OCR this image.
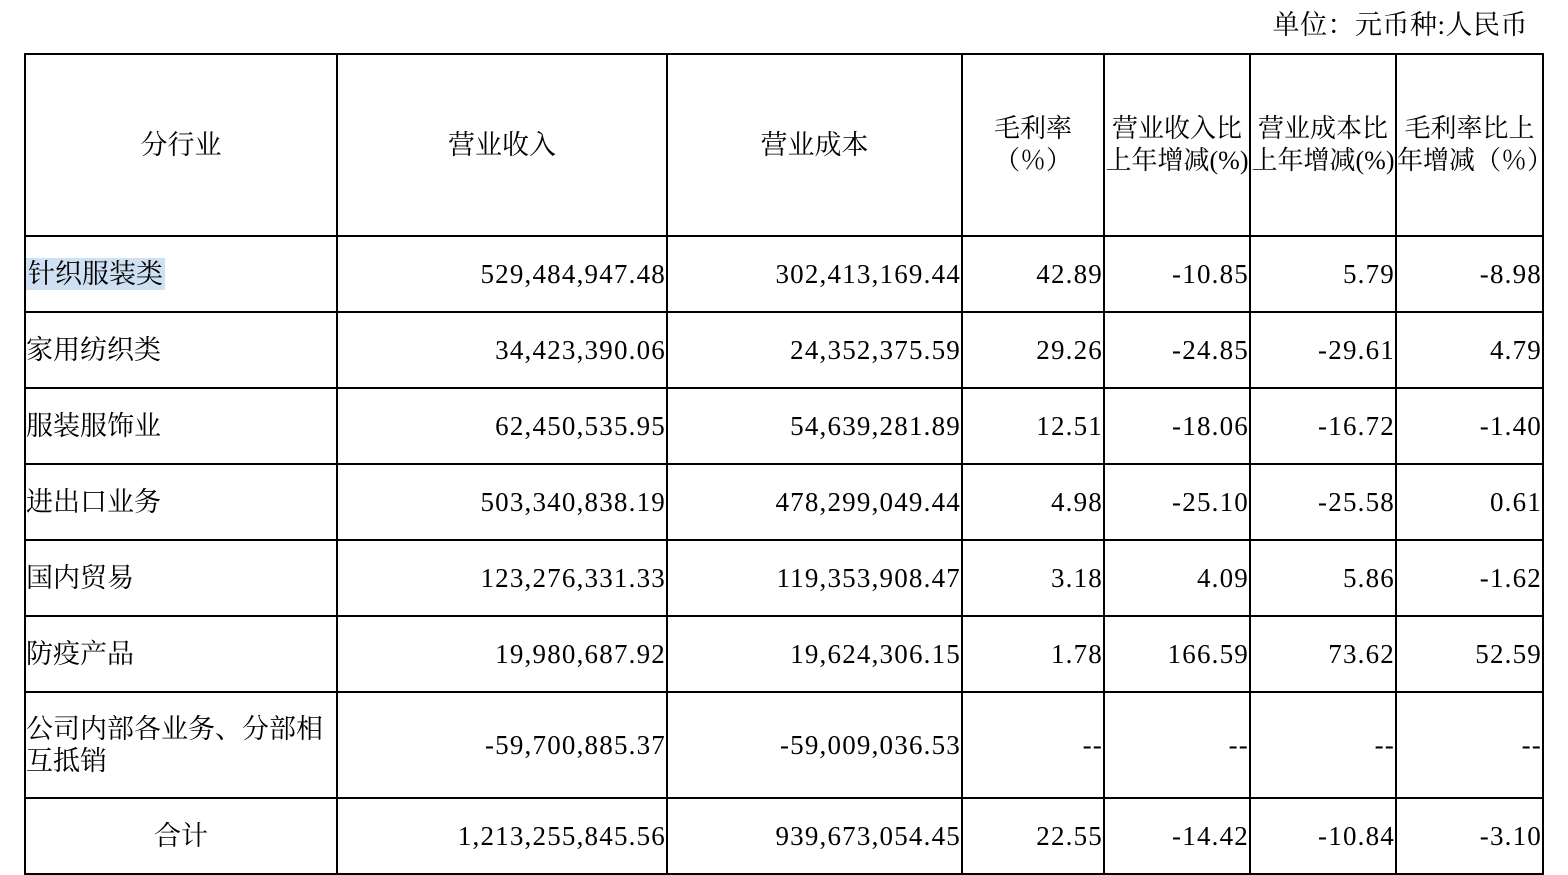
单位：元币种:人民币
分行业	营业收入	营业成本	毛利率（％）	营业收入比上年增减(%)	营业成本比上年增减(%)	毛利率比上年增减（％）
针织服装类	529,484,947.48	302,413,169.44	42.89	-10.85	5.79	-8.98
家用纺织类	34,423,390.06	24,352,375.59	29.26	-24.85	-29.61	4.79
服装服饰业	62,450,535.95	54,639,281.89	12.51	-18.06	-16.72	-1.40
进出口业务	503,340,838.19	478,299,049.44	4.98	-25.10	-25.58	0.61
国内贸易	123,276,331.33	119,353,908.47	3.18	4.09	5.86	-1.62
防疫产品	19,980,687.92	19,624,306.15	1.78	166.59	73.62	52.59
公司内部各业务、分部相互抵销	-59,700,885.37	-59,009,036.53	--	--	--	--
合计	1,213,255,845.56	939,673,054.45	22.55	-14.42	-10.84	-3.10
